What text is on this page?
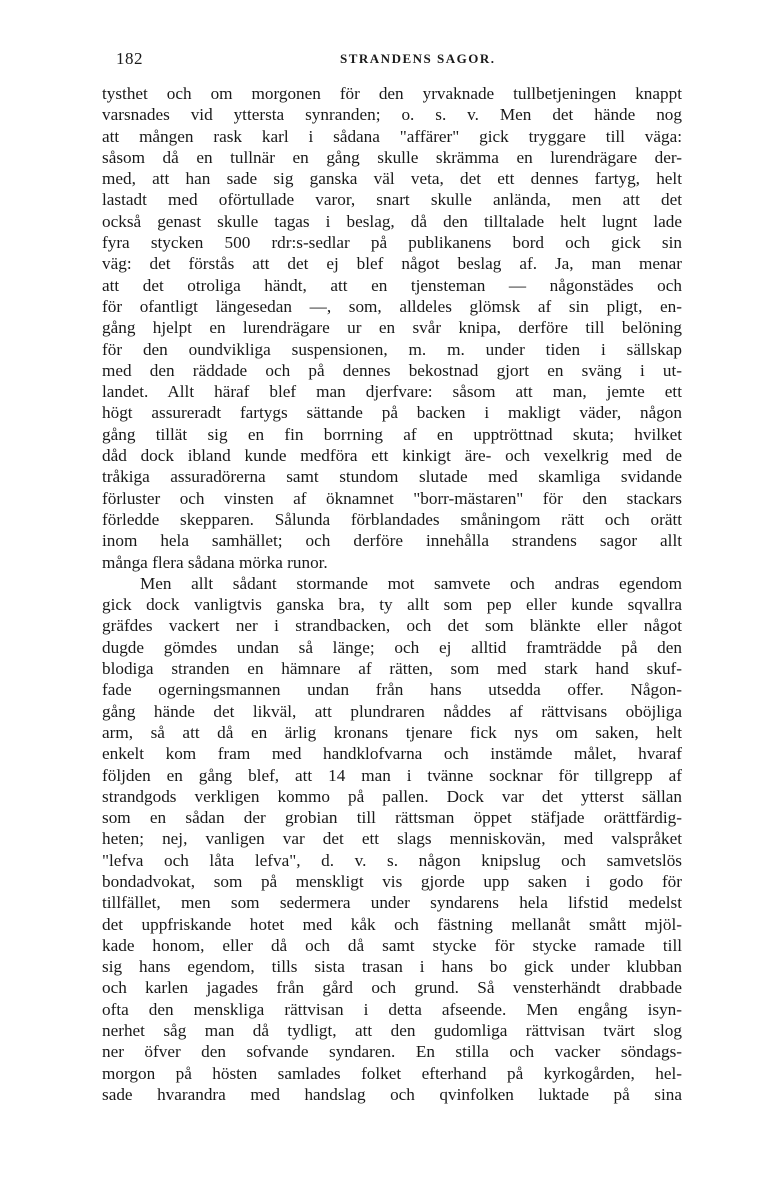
182	STRANDENS SAGOR.
tysthet och om morgonen för den yrvaknade tullbetjeningen knappt
varsnades vid yttersta synranden; o. s. v. Men det hände nog
att mången rask karl i sådana "affärer" gick tryggare till väga:
såsom då en tullnär en gång skulle skrämma en lurendrägare der-
med, att han sade sig ganska väl veta, det ett dennes fartyg, helt
lastadt med oförtullade varor, snart skulle anlända, men att det
också genast skulle tagas i beslag, då den tilltalade helt lugnt lade
fyra stycken 500 rdr:s-sedlar på publikanens bord och gick sin
väg: det förstås att det ej blef något beslag af. Ja, man menar
att det otroliga händt, att en tjensteman — någonstädes och
för ofantligt längesedan —, som, alldeles glömsk af sin pligt, en-
gång hjelpt en lurendrägare ur en svår knipa, derföre till belöning
för den oundvikliga suspensionen, m. m. under tiden i sällskap
med den räddade och på dennes bekostnad gjort en sväng i ut-
landet. Allt häraf blef man djerfvare: såsom att man, jemte ett
högt assureradt fartygs sättande på backen i makligt väder, någon
gång tillät sig en fin borrning af en upptröttnad skuta; hvilket
dåd dock ibland kunde medföra ett kinkigt äre- och vexelkrig med de
tråkiga assuradörerna samt stundom slutade med skamliga svidande
förluster och vinsten af öknamnet "borr-mästaren" för den stackars
förledde skepparen. Sålunda förblandades småningom rätt och orätt
inom hela samhället; och derföre innehålla strandens sagor allt
många flera sådana mörka runor.
Men allt sådant stormande mot samvete och andras egendom
gick dock vanligtvis ganska bra, ty allt som pep eller kunde sqvallra
gräfdes vackert ner i strandbacken, och det som blänkte eller något
dugde gömdes undan så länge; och ej alltid framträdde på den
blodiga stranden en hämnare af rätten, som med stark hand skuf-
fade ogerningsmannen undan från hans utsedda offer. Någon-
gång hände det likväl, att plundraren nåddes af rättvisans oböjliga
arm, så att då en ärlig kronans tjenare fick nys om saken, helt
enkelt kom fram med handklofvarna och instämde målet, hvaraf
följden en gång blef, att 14 man i tvänne socknar för tillgrepp af
strandgods verkligen kommo på pallen. Dock var det ytterst sällan
som en sådan der grobian till rättsman öppet stäfjade orättfärdig-
heten; nej, vanligen var det ett slags menniskovän, med valspråket
"lefva och låta lefva", d. v. s. någon knipslug och samvetslös
bondadvokat, som på menskligt vis gjorde upp saken i godo för
tillfället, men som sedermera under syndarens hela lifstid medelst
det uppfriskande hotet med kåk och fästning mellanåt smått mjöl-
kade honom, eller då och då samt stycke för stycke ramade till
sig hans egendom, tills sista trasan i hans bo gick under klubban
och karlen jagades från gård och grund. Så vensterhändt drabbade
ofta den menskliga rättvisan i detta afseende. Men engång isyn-
nerhet såg man då tydligt, att den gudomliga rättvisan tvärt slog
ner öfver den sofvande syndaren. En stilla och vacker söndags-
morgon på hösten samlades folket efterhand på kyrkogården, hel-
sade hvarandra med handslag och qvinfolken luktade på sina
